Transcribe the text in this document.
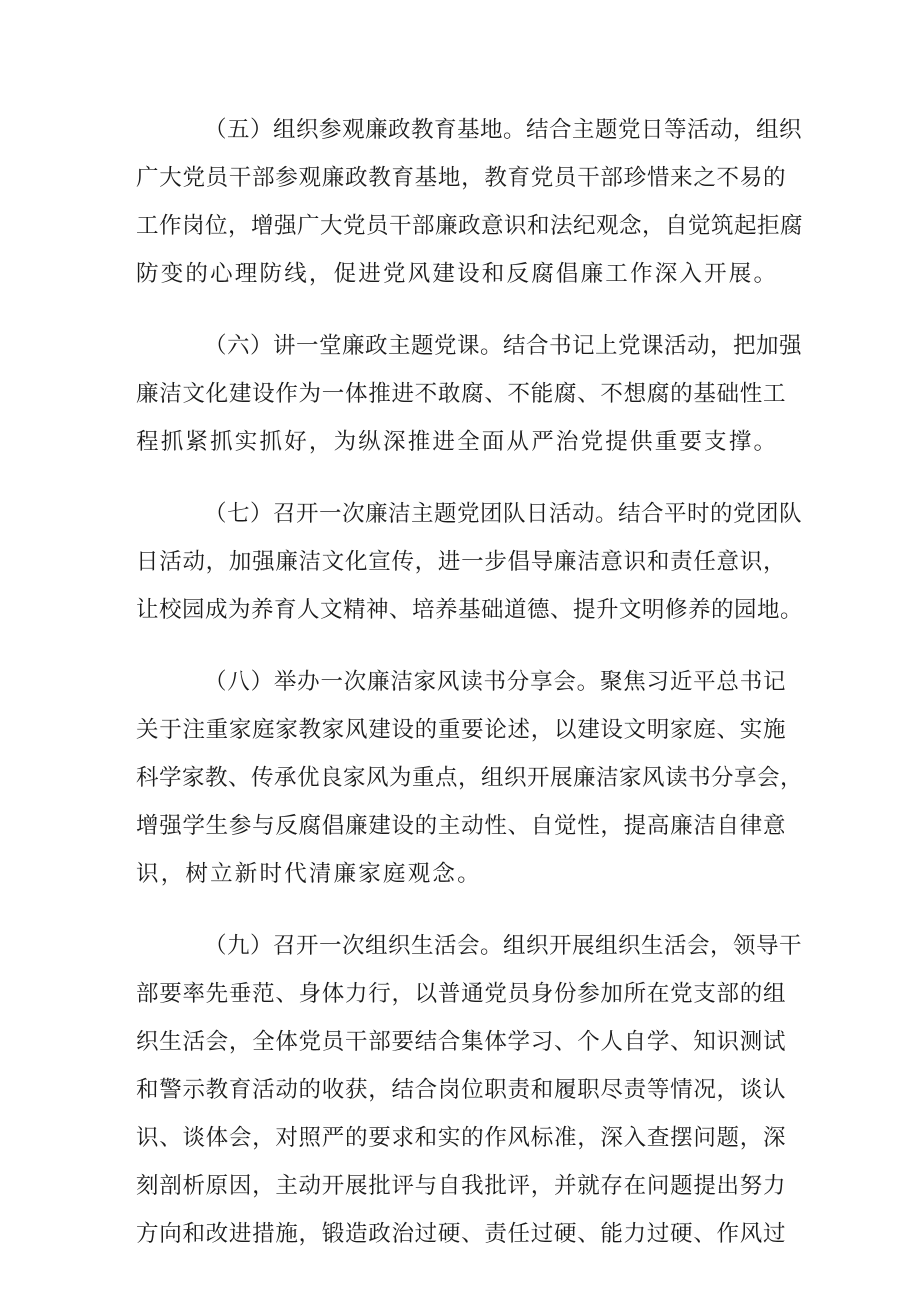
（五）组织参观廉政教育基地。结合主题党日等活动，组织
广大党员干部参观廉政教育基地，教育党员干部珍惜来之不易的
工作岗位，增强广大党员干部廉政意识和法纪观念，自觉筑起拒腐
防变的心理防线，促进党风建设和反腐倡廉工作深入开展。
（六）讲一堂廉政主题党课。结合书记上党课活动，把加强
廉洁文化建设作为一体推进不敢腐、不能腐、不想腐的基础性工
程抓紧抓实抓好，为纵深推进全面从严治党提供重要支撑。
（七）召开一次廉洁主题党团队日活动。结合平时的党团队
日活动，加强廉洁文化宣传，进一步倡导廉洁意识和责任意识，
让校园成为养育人文精神、培养基础道德、提升文明修养的园地。
（八）举办一次廉洁家风读书分享会。聚焦习近平总书记
关于注重家庭家教家风建设的重要论述，以建设文明家庭、实施
科学家教、传承优良家风为重点，组织开展廉洁家风读书分享会，
增强学生参与反腐倡廉建设的主动性、自觉性，提高廉洁自律意
识，树立新时代清廉家庭观念。
（九）召开一次组织生活会。组织开展组织生活会，领导干
部要率先垂范、身体力行，以普通党员身份参加所在党支部的组
织生活会，全体党员干部要结合集体学习、个人自学、知识测试
和警示教育活动的收获，结合岗位职责和履职尽责等情况，谈认
识、谈体会，对照严的要求和实的作风标准，深入查摆问题，深
刻剖析原因，主动开展批评与自我批评，并就存在问题提出努力
方向和改进措施，锻造政治过硬、责任过硬、能力过硬、作风过
